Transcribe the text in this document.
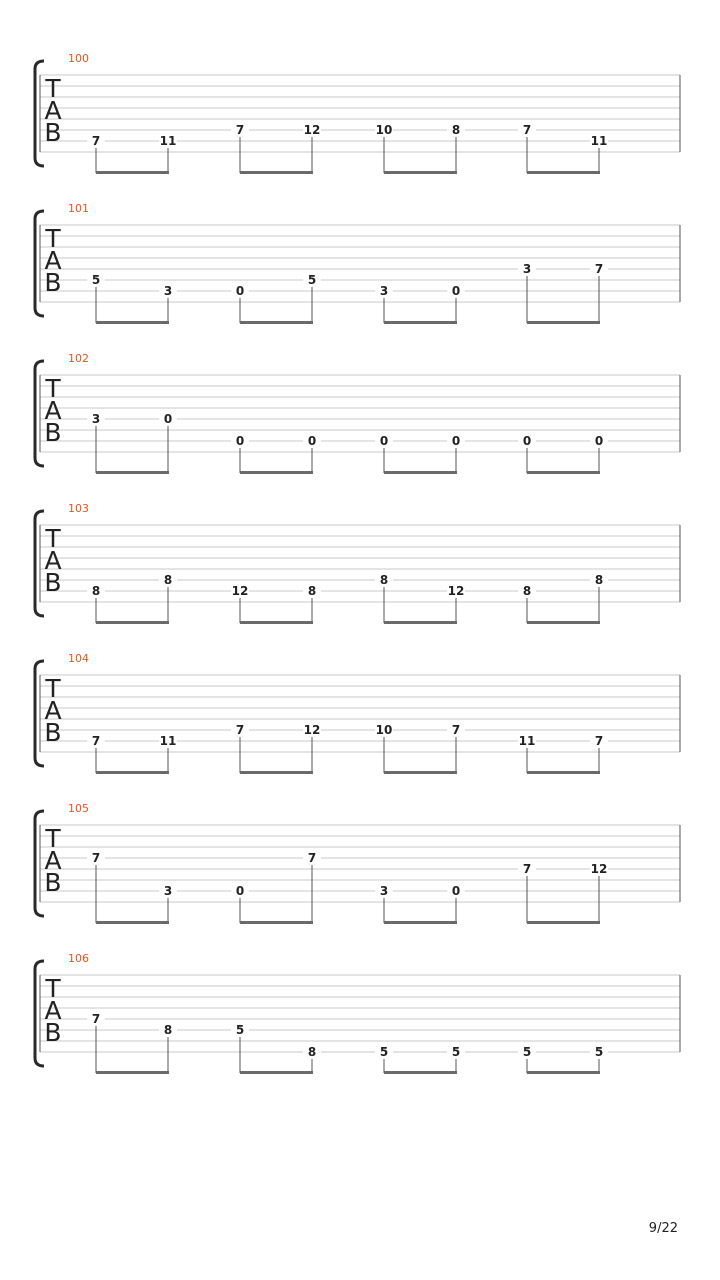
T
A
B
100
7	11
7	12	10	8	7
11
T
A
B
101
5
3	0
5
3	0
3	7
T
A
B
102
3	0
0	0	0	0	0	0
T
A
B
103
8
8
12	8
8
12	8
8
T
A
B
104
7	11
7	12	10	7
11	7
T
A
B
105
7
3	0
7
3	0
7	12
T
A
B
106
7
8	5
8	5	5	5	5
9/22
